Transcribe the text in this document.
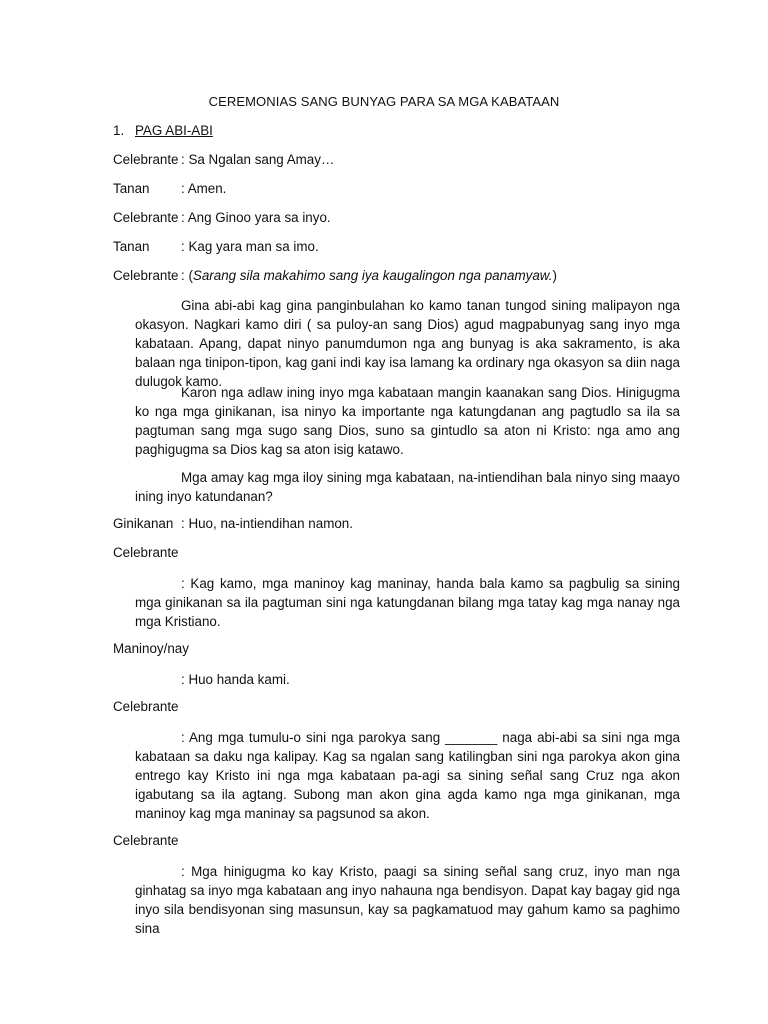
CEREMONIAS SANG BUNYAG PARA SA MGA KABATAAN
1. PAG ABI-ABI
Celebrante : Sa Ngalan sang Amay…
Tanan : Amen.
Celebrante : Ang Ginoo yara sa inyo.
Tanan : Kag yara man sa imo.
Celebrante : (Sarang sila makahimo sang iya kaugalingon nga panamyaw.)
Gina abi-abi kag gina panginbulahan ko kamo tanan tungod sining malipayon nga okasyon. Nagkari kamo diri ( sa puloy-an sang Dios) agud magpabunyag sang inyo mga kabataan. Apang, dapat ninyo panumdumon nga ang bunyag is aka sakramento, is aka balaan nga tinipon-tipon, kag gani indi kay isa lamang ka ordinary nga okasyon sa diin naga dulugok kamo.
Karon nga adlaw ining inyo mga kabataan mangin kaanakan sang Dios. Hinigugma ko nga mga ginikanan, isa ninyo ka importante nga katungdanan ang pagtudlo sa ila sa pagtuman sang mga sugo sang Dios, suno sa gintudlo sa aton ni Kristo: nga amo ang paghigugma sa Dios kag sa aton isig katawo.
Mga amay kag mga iloy sining mga kabataan, na-intiendihan bala ninyo sing maayo ining inyo katundanan?
Ginikanan : Huo, na-intiendihan namon.
Celebrante
: Kag kamo, mga maninoy kag maninay, handa bala kamo sa pagbulig sa sining mga ginikanan sa ila pagtuman sini nga katungdanan bilang mga tatay kag mga nanay nga mga Kristiano.
Maninoy/nay
: Huo handa kami.
Celebrante
: Ang mga tumulu-o sini nga parokya sang _______ naga abi-abi sa sini nga mga kabataan sa daku nga kalipay. Kag sa ngalan sang katilingban sini nga parokya akon gina entrego kay Kristo ini nga mga kabataan pa-agi sa sining señal sang Cruz nga akon igabutang sa ila agtang. Subong man akon gina agda kamo nga mga ginikanan, mga maninoy kag mga maninay sa pagsunod sa akon.
Celebrante
: Mga hinigugma ko kay Kristo, paagi sa sining señal sang cruz, inyo man nga ginhatag sa inyo mga kabataan ang inyo nahauna nga bendisyon. Dapat kay bagay gid nga inyo sila bendisyonan sing masunsun, kay sa pagkamatuod may gahum kamo sa paghimo sina
